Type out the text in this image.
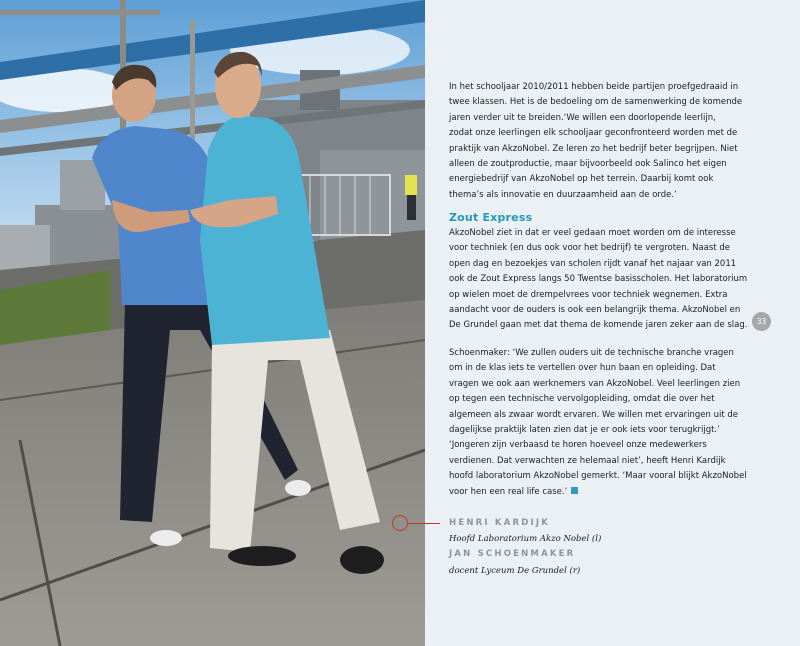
In het schooljaar 2010/2011 hebben beide partijen proefgedraaid in
twee klassen. Het is de bedoeling om de samenwerking de komende
jaren verder uit te breiden.‘We willen een doorlopende leerlijn,
zodat onze leerlingen elk schooljaar geconfronteerd worden met de
praktijk van AkzoNobel. Ze leren zo het bedrijf beter begrijpen. Niet
alleen de zoutproductie, maar bijvoorbeeld ook Salinco het eigen
energiebedrijf van AkzoNobel op het terrein. Daarbij komt ook
thema’s als innovatie en duurzaamheid aan de orde.’

Zout Express

AkzoNobel ziet in dat er veel gedaan moet worden om de interesse
voor techniek (en dus ook voor het bedrijf) te vergroten. Naast de
open dag en bezoekjes van scholen rijdt vanaf het najaar van 2011
ook de Zout Express langs 50 Twentse basisscholen. Het laboratorium
op wielen moet de drempelvrees voor techniek wegnemen. Extra
aandacht voor de ouders is ook een belangrijk thema. AkzoNobel en
De Grundel gaan met dat thema de komende jaren zeker aan de slag.

Schoenmaker: ‘We zullen ouders uit de technische branche vragen
om in de klas iets te vertellen over hun baan en opleiding. Dat
vragen we ook aan werknemers van AkzoNobel. Veel leerlingen zien
op tegen een technische vervolgopleiding, omdat die over het
algemeen als zwaar wordt ervaren. We willen met ervaringen uit de
dagelijkse praktijk laten zien dat je er ook iets voor terugkrijgt.’
‘Jongeren zijn verbaasd te horen hoeveel onze medewerkers
verdienen. Dat verwachten ze helemaal niet’, heeft Henri Kardijk
hoofd laboratorium AkzoNobel gemerkt. ‘Maar vooral blijkt AkzoNobel
voor hen een real life case.’

33
HENRI KARDIJK
Hoofd Laboratorium Akzo Nobel (l)
JAN SCHOENMAKER
docent Lyceum De Grundel (r)
